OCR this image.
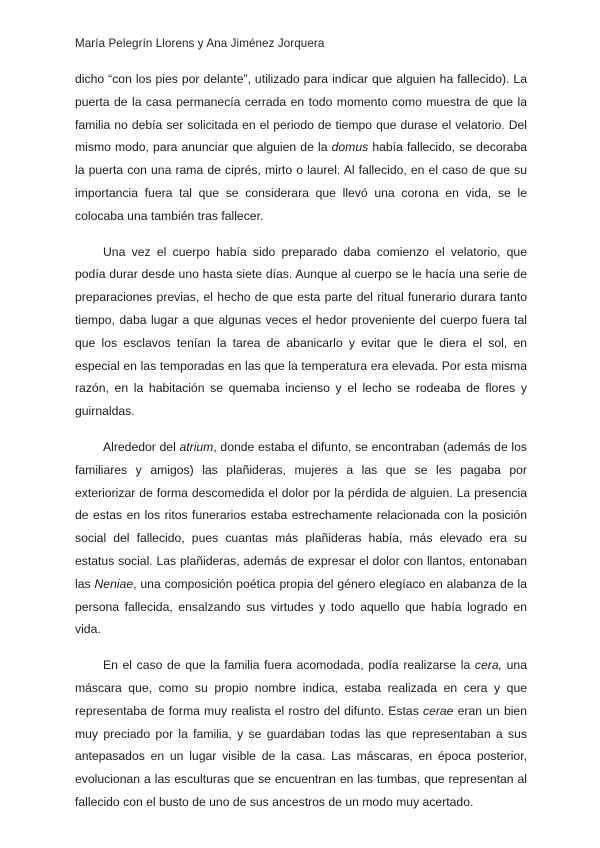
María Pelegrín Llorens y Ana Jiménez Jorquera

dicho “con los pies por delante”, utilizado para indicar que alguien ha fallecido). La puerta de la casa permanecía cerrada en todo momento como muestra de que la familia no debía ser solicitada en el periodo de tiempo que durase el velatorio. Del mismo modo, para anunciar que alguien de la domus había fallecido, se decoraba la puerta con una rama de ciprés, mirto o laurel. Al fallecido, en el caso de que su importancia fuera tal que se considerara que llevó una corona en vida, se le colocaba una también tras fallecer.

Una vez el cuerpo había sido preparado daba comienzo el velatorio, que podía durar desde uno hasta siete días. Aunque al cuerpo se le hacía una serie de preparaciones previas, el hecho de que esta parte del ritual funerario durara tanto tiempo, daba lugar a que algunas veces el hedor proveniente del cuerpo fuera tal que los esclavos tenían la tarea de abanicarlo y evitar que le diera el sol, en especial en las temporadas en las que la temperatura era elevada. Por esta misma razón, en la habitación se quemaba incienso y el lecho se rodeaba de flores y guirnaldas.

Alrededor del atrium, donde estaba el difunto, se encontraban (además de los familiares y amigos) las plañideras, mujeres a las que se les pagaba por exteriorizar de forma descomedida el dolor por la pérdida de alguien. La presencia de estas en los ritos funerarios estaba estrechamente relacionada con la posición social del fallecido, pues cuantas más plañideras había, más elevado era su estatus social. Las plañideras, además de expresar el dolor con llantos, entonaban las Neniae, una composición poética propia del género elegíaco en alabanza de la persona fallecida, ensalzando sus virtudes y todo aquello que había logrado en vida.

En el caso de que la familia fuera acomodada, podía realizarse la cera, una máscara que, como su propio nombre indica, estaba realizada en cera y que representaba de forma muy realista el rostro del difunto. Estas cerae eran un bien muy preciado por la familia, y se guardaban todas las que representaban a sus antepasados en un lugar visible de la casa. Las máscaras, en época posterior, evolucionan a las esculturas que se encuentran en las tumbas, que representan al fallecido con el busto de uno de sus ancestros de un modo muy acertado.
